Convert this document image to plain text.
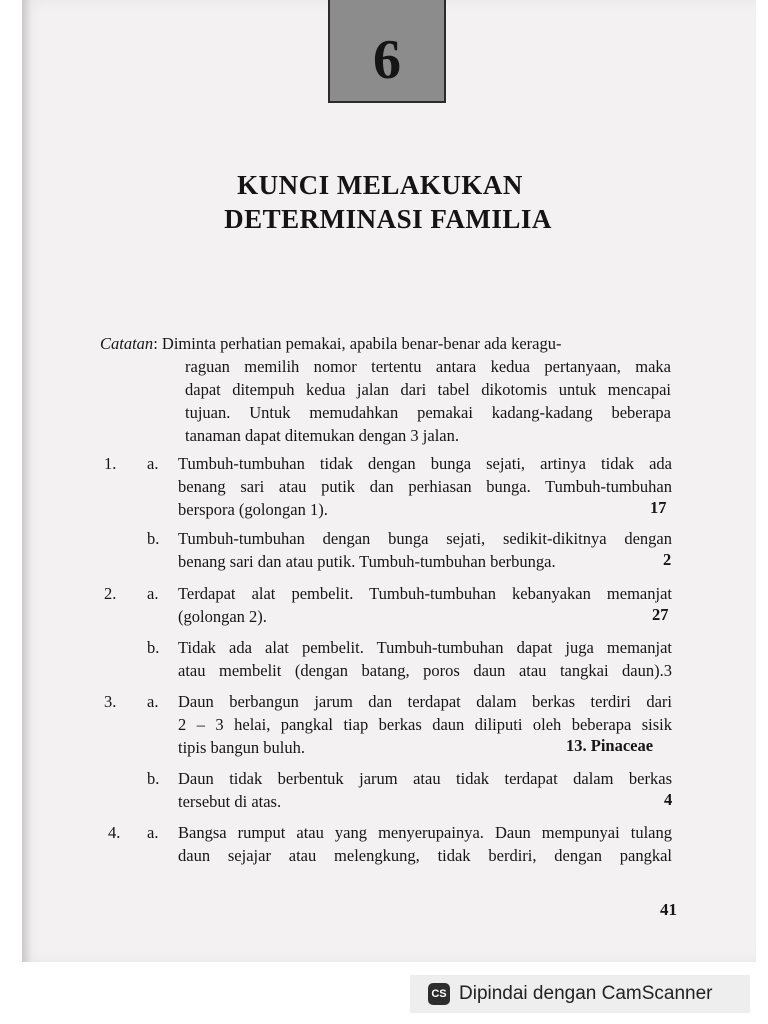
6
KUNCI MELAKUKAN
DETERMINASI FAMILIA
Catatan: Diminta perhatian pemakai, apabila benar-benar ada keragu-
raguan memilih nomor tertentu antara kedua pertanyaan, maka
dapat ditempuh kedua jalan dari tabel dikotomis untuk mencapai
tujuan. Untuk memudahkan pemakai kadang-kadang beberapa
tanaman dapat ditemukan dengan 3 jalan.
1. a. Tumbuh-tumbuhan tidak dengan bunga sejati, artinya tidak ada
benang sari atau putik dan perhiasan bunga. Tumbuh-tumbuhan
berspora (golongan 1).	17
b. Tumbuh-tumbuhan dengan bunga sejati, sedikit-dikitnya dengan
benang sari dan atau putik. Tumbuh-tumbuhan berbunga.	2
2. a. Terdapat alat pembelit. Tumbuh-tumbuhan kebanyakan memanjat
(golongan 2).	27
b. Tidak ada alat pembelit. Tumbuh-tumbuhan dapat juga memanjat
atau membelit (dengan batang, poros daun atau tangkai daun).3
3. a. Daun berbangun jarum dan terdapat dalam berkas terdiri dari
2 – 3 helai, pangkal tiap berkas daun diliputi oleh beberapa sisik
tipis bangun buluh.	13. Pinaceae
b. Daun tidak berbentuk jarum atau tidak terdapat dalam berkas
tersebut di atas.	4
4. a. Bangsa rumput atau yang menyerupainya. Daun mempunyai tulang
daun sejajar atau melengkung, tidak berdiri, dengan pangkal
41
CS Dipindai dengan CamScanner
